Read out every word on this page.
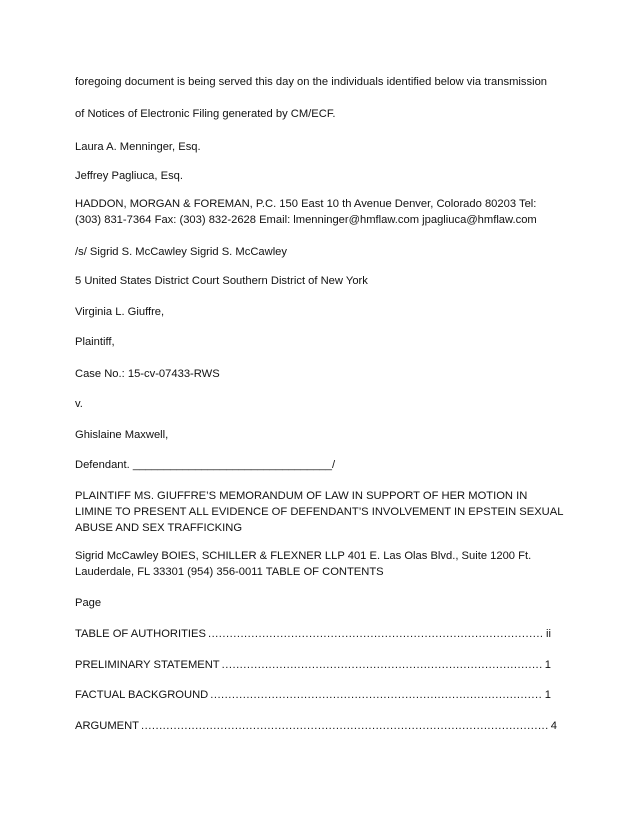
foregoing document is being served this day on the individuals identified below via transmission

of Notices of Electronic Filing generated by CM/ECF.

Laura A. Menninger, Esq.

Jeffrey Pagliuca, Esq.

HADDON, MORGAN & FOREMAN, P.C. 150 East 10 th Avenue Denver, Colorado 80203 Tel: (303) 831-7364 Fax: (303) 832-2628 Email: lmenninger@hmflaw.com jpagliuca@hmflaw.com

/s/ Sigrid S. McCawley Sigrid S. McCawley

5 United States District Court Southern District of New York

Virginia L. Giuffre,

Plaintiff,

Case No.: 15-cv-07433-RWS

v.

Ghislaine Maxwell,

Defendant. ________________________________/

PLAINTIFF MS. GIUFFRE’S MEMORANDUM OF LAW IN SUPPORT OF HER MOTION IN LIMINE TO PRESENT ALL EVIDENCE OF DEFENDANT’S INVOLVEMENT IN EPSTEIN SEXUAL ABUSE AND SEX TRAFFICKING

Sigrid McCawley BOIES, SCHILLER & FLEXNER LLP 401 E. Las Olas Blvd., Suite 1200 Ft. Lauderdale, FL 33301 (954) 356-0011 TABLE OF CONTENTS

Page

TABLE OF AUTHORITIES .....	ii
PRELIMINARY STATEMENT .....	1
FACTUAL BACKGROUND .....	1
ARGUMENT .....	4
